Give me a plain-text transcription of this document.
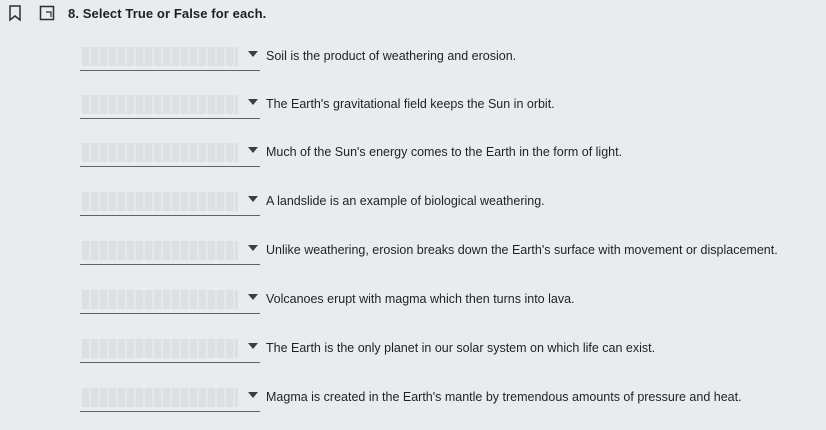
8. Select True or False for each.
Soil is the product of weathering and erosion.
The Earth's gravitational field keeps the Sun in orbit.
Much of the Sun's energy comes to the Earth in the form of light.
A landslide is an example of biological weathering.
Unlike weathering, erosion breaks down the Earth's surface with movement or displacement.
Volcanoes erupt with magma which then turns into lava.
The Earth is the only planet in our solar system on which life can exist.
Magma is created in the Earth's mantle by tremendous amounts of pressure and heat.
